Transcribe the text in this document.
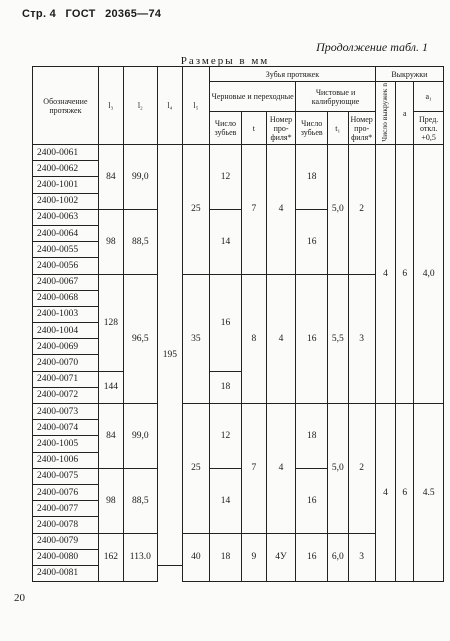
Стр. 4 ГОСТ 20365—74
Продолжение табл. 1
Размеры в мм
Обозначение протяжек	l₃	l₂	l₄	l₅	Зубья протяжек						Выкружки		
					Черновые и переходные			Чистовые и калибрующие			Число выкружек n	a	a₁
					Число зубьев	t	Номер про- филя*	Число зубьев	t₁	Номер про- филя*			Пред. откл. +0,5
2400-0061	84	99,0	195	25	12	7	4	18	5,0	2	4	6	4,0
2400-0062													
2400-1001													
2400-1002													
2400-0063	98	88,5			14			16					
2400-0064													
2400-0055													
2400-0056													
2400-0067	128	96,5		35	16	8	4	16	5,5	3			
2400-0068													
2400-1003													
2400-1004													
2400-0069													
2400-0070													
2400-0071	144				18								
2400-0072													
2400-0073	84	99,0		25	12	7	4	18	5,0	2	4	6	4.5
2400-0074													
2400-1005													
2400-1006													
2400-0075	98	88,5			14			16					
2400-0076													
2400-0077													
2400-0078													
2400-0079	162	113.0		40	18	9	4У	16	6,0	3			
2400-0080													
2400-0081													
20
